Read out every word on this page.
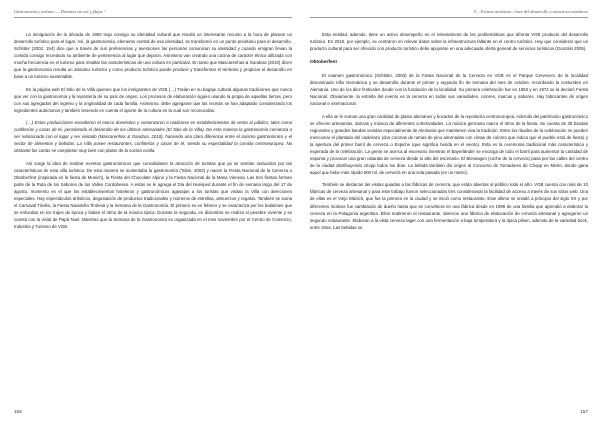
Gastronomía y turismo — Destinos sin sol y playa /

La inmigración de la década de 1900 trajo consigo su identidad cultural que resultó un interesante recurso a la hora de planear un desarrollo turístico para el lugar. Así, la gastronomía, elemento central de esa identidad, se transformó en un punto prioritario para el desarrollo. Schlüter (2002: 154) dice que a través de sus preferencias y aversiones las personas comunican su identidad y cuando emigran llevan la comida consigo recreando su ambiente de pertenencia al lugar que dejaron. Asimismo van creando una cocina de carácter étnico utilizada con mucha frecuencia en el turismo para resaltar las características de una cultura en particular. En tanto que Mascarenhas & Gandara (2010) dicen que la gastronomía resulta un atractivo turístico y como producto turístico puede producir y transformar el territorio y propiciar el desarrollo en base a un turismo sustentable.

En la página web El Sitio de la Villa quienes que los inmigrantes de VGB (…) Traían en su bagaje cultural algunas tradiciones que nunca que ver con la gastronomía y la repostería de su país de origen. Los procesos de elaboración siguen usando la propia de aquellas tierras, pero con sus agregados del ingenio y la originalidad de cada familia. Asimismo, debe agregarse que las recetas se han adaptado considerando los ingredientes autóctonos y también teniendo en cuenta el aporte de la cultura en la cual son reconocidas.

(…) Estas producciones excedieron el marco doméstico y comenzaron a realizarse en establecimientos de venta al público, tales como confiterías y casas de té, permitiendo el desarrollo de los últimos artesanales (El Sitio de la Villa). De esta manera la gastronomía comienza a ser relacionada con el lugar y ser visitado (Mascarenhas & Gandara, 2010), haciendo una clara diferencia entre el turismo gastronómico y el sector de alimentos y bebidas. La Villa posee restaurantes, confiterías y casas de té, siendo su especialidad la comida centroeuropea. No obstante las cartas se completan muy bien con platos de la cocina criolla.

Así surge la idea de realizar eventos gastronómicos que consolidasen la atracción de turistas que ya se sentían seducidos por las características de esta villa turística. De esta manera se sustentaba la gastronomía (Tobin, 2002) y nacen la Fiesta Nacional de la Cerveza u Oktoberfest (inspirada en la fiesta de Munich), la Fiesta del Chocolate Alpino y la Fiesta Nacional de la Masa Vienesa. Las tres fiestas forman parte de la Ruta de los Sabores de los Valles Cordobeses. A estas se le agrega el Día del Huésped durante el fin de semana largo del 17 de agosto, momento en el que los establecimientos hoteleros y gastronómicos agasajan a los turistas que visitan la Villa con atenciones especiales. Hay espectáculos artísticos, degustación de productos tradicionales y números de estrellas, almuerzos y regalos. También se suma el Carnaval Tirolés, la Fiesta Navideña Tirolesa y la Semana de la Gastronomía. El primero es en febrero y se caracteriza por los bailarines que se enfundan en los trajes de época y bailan el ritmo de la música típica. Durante la segunda, en diciembre se realiza el pesebre viviente y se cuenta con la visita de Papá Noel. Mientras que la Semana de la Gastronomía es organizada en el mes noviembre por el Centro de Comercio, Industria y Turismo de VGB.

156
V – Fiestas turísticas: clave del desarrollo y atractivos temáticos

Esta entidad, además, tiene un activo desempeño en el relevamiento de las problemáticas que afronta VGB producto del desarrollo turístico. En 2015, por ejemplo, se centraron en relevar datos sobre la infraestructura faltante en el centro turístico. Hay que considerar que un producto cultural para ser ofrecido con producto turístico debe apoyarse en una adecuada oferta general de servicios turísticos (Gonzalo 2005).

Oktoberfest

El examen gastronómico (Schlüter, 2003) de la Fiesta Nacional de la Cerveza en VGB es el Parque Cervecero de la localidad denominado Villa Germánica y se desarrolla durante el primer y segundo fin de semana del mes de octubre, recordando la costumbre en Alemania. Uno de los diez festivales donde con la fundación de la localidad. Su primera celebración fue en 1963 y en 1972 se la declaró Fiesta Nacional. Obviamente, la estrella del evento es la cerveza en todas sus variedades, colores, marcas y sabores. Hay fabricantes de origen nacional e internacional.

A ella se le suman una gran cantidad de platos alemanes y bocados de la repostería centroeuropea. Además del patrimonio gastronómico se ofrecen artesanías, danzas y música de diferentes colectividades. La música germana marca el ritmo de la fiesta. Se cuenta de 30 bandas regionales y grandes bandas venidas especialmente de Alemania que mantienen viva la tradición. Entre los rituales de la celebración se pueden mencionar el plantado del cadeirazo (dos coronas de ramas de pino adornadas con cintas de colores que indica que el pueblo está de fiesta) y la apertura del primer barril de cerveza o Espiche (que significa herida en el viento). Esta es la ceremonia tradicional más característica y esperada de la celebración. La gente se acerca al escenario mientras el Bayerländer se encarga de todo el barril para aumentar la cantidad de espuma y provocar una gran catarata de cerveza desde lo alto del escenario. El Bierwagen (coche de la cerveza) pasa por las calles del centro de la ciudad distribuyendo chopp todos los días. La bebida también dio origen al Concurso de Tomadores de Chopp en Metro, donde gana aquel que bebe más rápido 600 ml. de cerveza en una sola pasada (en un metro).

También se destacan las visitas guiadas a las fábricas de cerveza, que están abiertas al público todo el año. VGB cuenta con más de 10 fábricas de cerveza artesanal y para este trabajo fueron seleccionadas tres considerando la facilidad de acceso a través de sus sitios web. Una de ellas es el Viejo Múnich, que fue la primera en la ciudad y se inició como restaurante. Este último se instaló a principio del siglo XX y por diferentes motivos fue cambiando de dueño hasta que se convirtiera en una fábrica desde en 1999 de una familia que aprendió a elaborar la cerveza en la Patagonia argentina. Ellos reabrieron el restaurante, abrieron una fábrica de elaboración de cerveza artesanal y agregaron un segundo restaurante. Elaboran a la vista cerveza lager con una fermentación a baja temperatura y la típica pilsen, además de la variedad bock, entre otras. Las bebidas se

157
